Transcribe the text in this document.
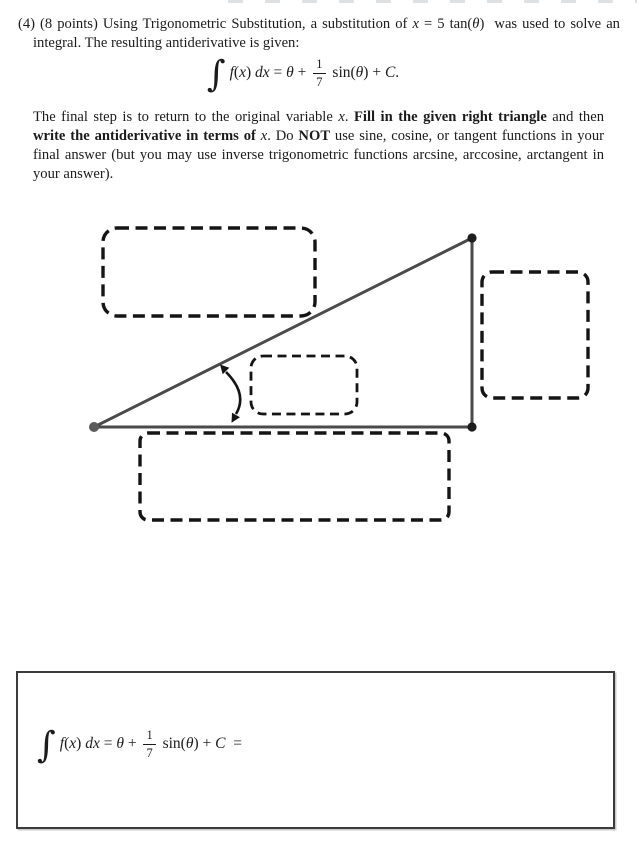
(4) (8 points) Using Trigonometric Substitution, a substitution of x = 5 tan(θ)  was used to solve an integral. The resulting antiderivative is given:

∫ f(x) dx = $\theta + \frac{1}{7} \sin(\theta) + C$.

The final step is to return to the original variable x. Fill in the given right triangle and then write the antiderivative in terms of x. Do NOT use sine, cosine, or tangent functions in your final answer (but you may use inverse trigonometric functions arcsine, arccosine, arctangent in your answer).

∫ f(x) dx = $\theta + \frac{1}{7} \sin(\theta) + C$  =
